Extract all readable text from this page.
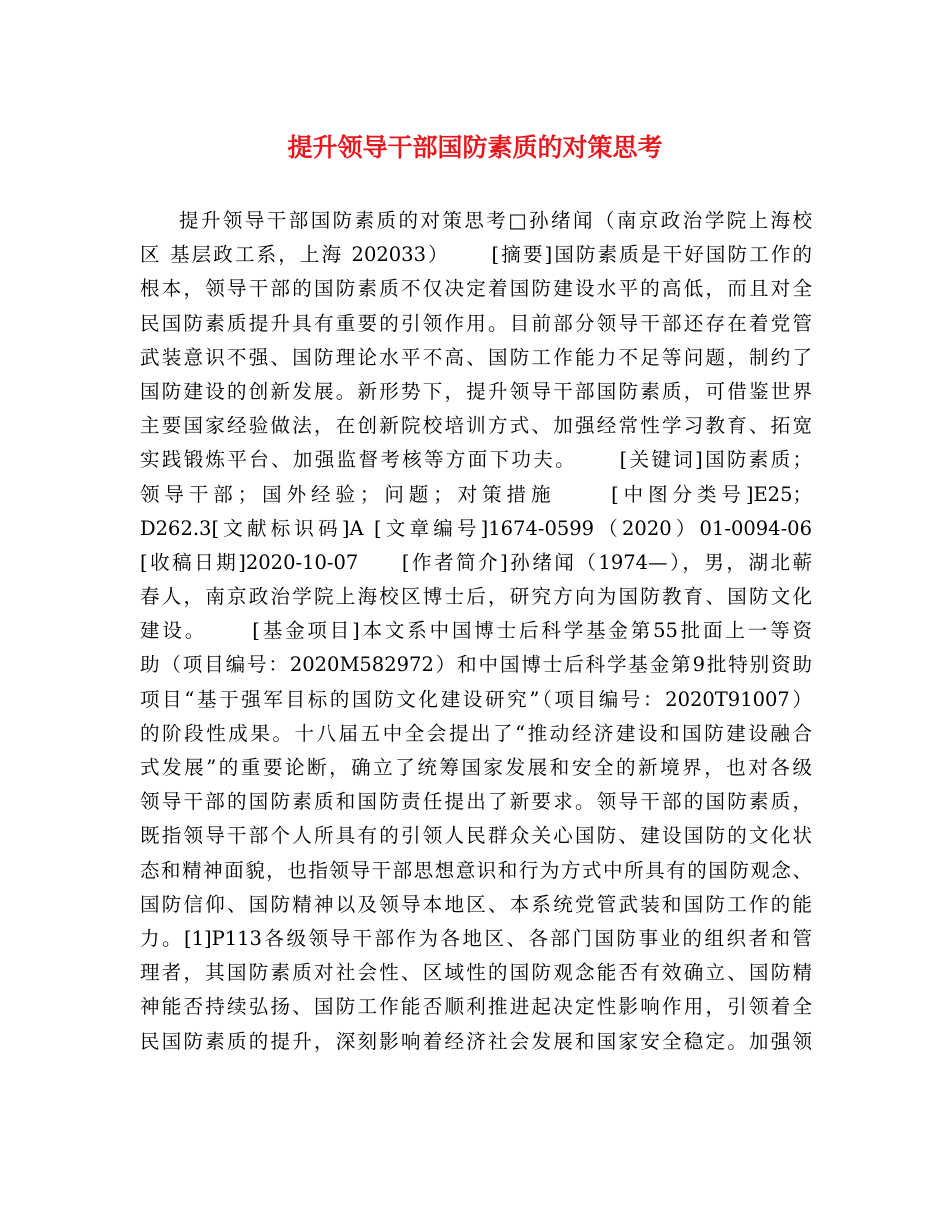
提升领导干部国防素质的对策思考
提升领导干部国防素质的对策思考□孙绪闻（南京政治学院上海校
区 基层政工系，上海 202033）     [摘要]国防素质是干好国防工作的
根本，领导干部的国防素质不仅决定着国防建设水平的高低，而且对全
民国防素质提升具有重要的引领作用。目前部分领导干部还存在着党管
武装意识不强、国防理论水平不高、国防工作能力不足等问题，制约了
国防建设的创新发展。新形势下，提升领导干部国防素质，可借鉴世界
主要国家经验做法，在创新院校培训方式、加强经常性学习教育、拓宽
实践锻炼平台、加强监督考核等方面下功夫。     [关键词]国防素质；
领导干部；国外经验；问题；对策措施     [中图分类号]E25；
D262.3[文献标识码]A [文章编号]1674-0599（2020）01-0094-06
[收稿日期]2020-10-07     [作者简介]孙绪闻（1974—），男，湖北蕲
春人，南京政治学院上海校区博士后，研究方向为国防教育、国防文化
建设。     [基金项目]本文系中国博士后科学基金第55批面上一等资
助（项目编号：2020M582972）和中国博士后科学基金第9批特别资助
项目“基于强军目标的国防文化建设研究”（项目编号：2020T91007）
的阶段性成果。十八届五中全会提出了“推动经济建设和国防建设融合
式发展”的重要论断，确立了统筹国家发展和安全的新境界，也对各级
领导干部的国防素质和国防责任提出了新要求。领导干部的国防素质，
既指领导干部个人所具有的引领人民群众关心国防、建设国防的文化状
态和精神面貌，也指领导干部思想意识和行为方式中所具有的国防观念、
国防信仰、国防精神以及领导本地区、本系统党管武装和国防工作的能
力。[1]P113各级领导干部作为各地区、各部门国防事业的组织者和管
理者，其国防素质对社会性、区域性的国防观念能否有效确立、国防精
神能否持续弘扬、国防工作能否顺利推进起决定性影响作用，引领着全
民国防素质的提升，深刻影响着经济社会发展和国家安全稳定。加强领
